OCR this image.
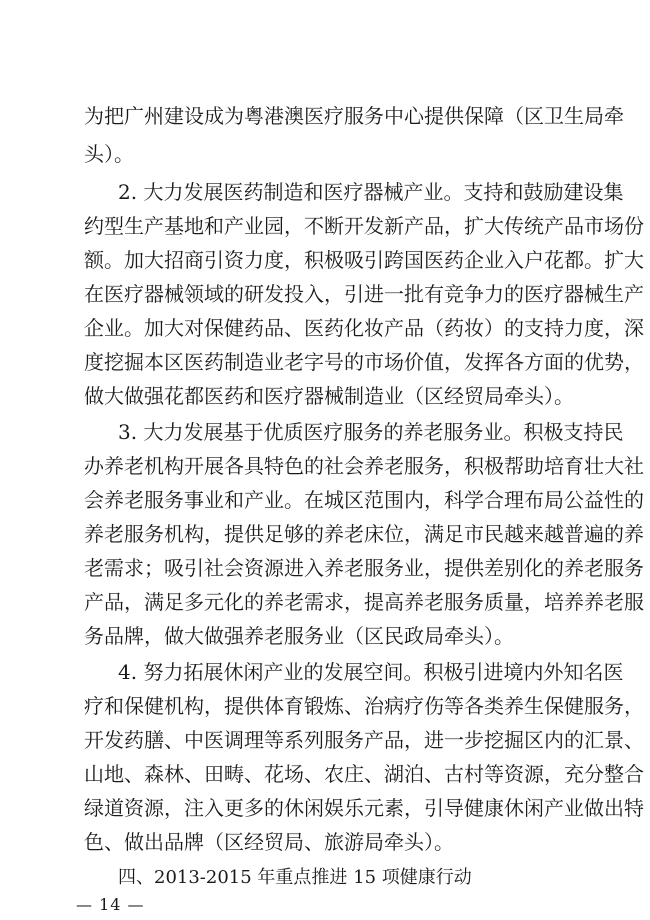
为把广州建设成为粤港澳医疗服务中心提供保障（区卫生局牵
头）。
2. 大力发展医药制造和医疗器械产业。支持和鼓励建设集
约型生产基地和产业园，不断开发新产品，扩大传统产品市场份
额。加大招商引资力度，积极吸引跨国医药企业入户花都。扩大
在医疗器械领域的研发投入，引进一批有竞争力的医疗器械生产
企业。加大对保健药品、医药化妆产品（药妆）的支持力度，深
度挖掘本区医药制造业老字号的市场价值，发挥各方面的优势，
做大做强花都医药和医疗器械制造业（区经贸局牵头）。
3. 大力发展基于优质医疗服务的养老服务业。积极支持民
办养老机构开展各具特色的社会养老服务，积极帮助培育壮大社
会养老服务事业和产业。在城区范围内，科学合理布局公益性的
养老服务机构，提供足够的养老床位，满足市民越来越普遍的养
老需求；吸引社会资源进入养老服务业，提供差别化的养老服务
产品，满足多元化的养老需求，提高养老服务质量，培养养老服
务品牌，做大做强养老服务业（区民政局牵头）。
4. 努力拓展休闲产业的发展空间。积极引进境内外知名医
疗和保健机构，提供体育锻炼、治病疗伤等各类养生保健服务，
开发药膳、中医调理等系列服务产品，进一步挖掘区内的汇景、
山地、森林、田畴、花场、农庄、湖泊、古村等资源，充分整合
绿道资源，注入更多的休闲娱乐元素，引导健康休闲产业做出特
色、做出品牌（区经贸局、旅游局牵头）。
四、2013-2015 年重点推进 15 项健康行动
— 14 —
